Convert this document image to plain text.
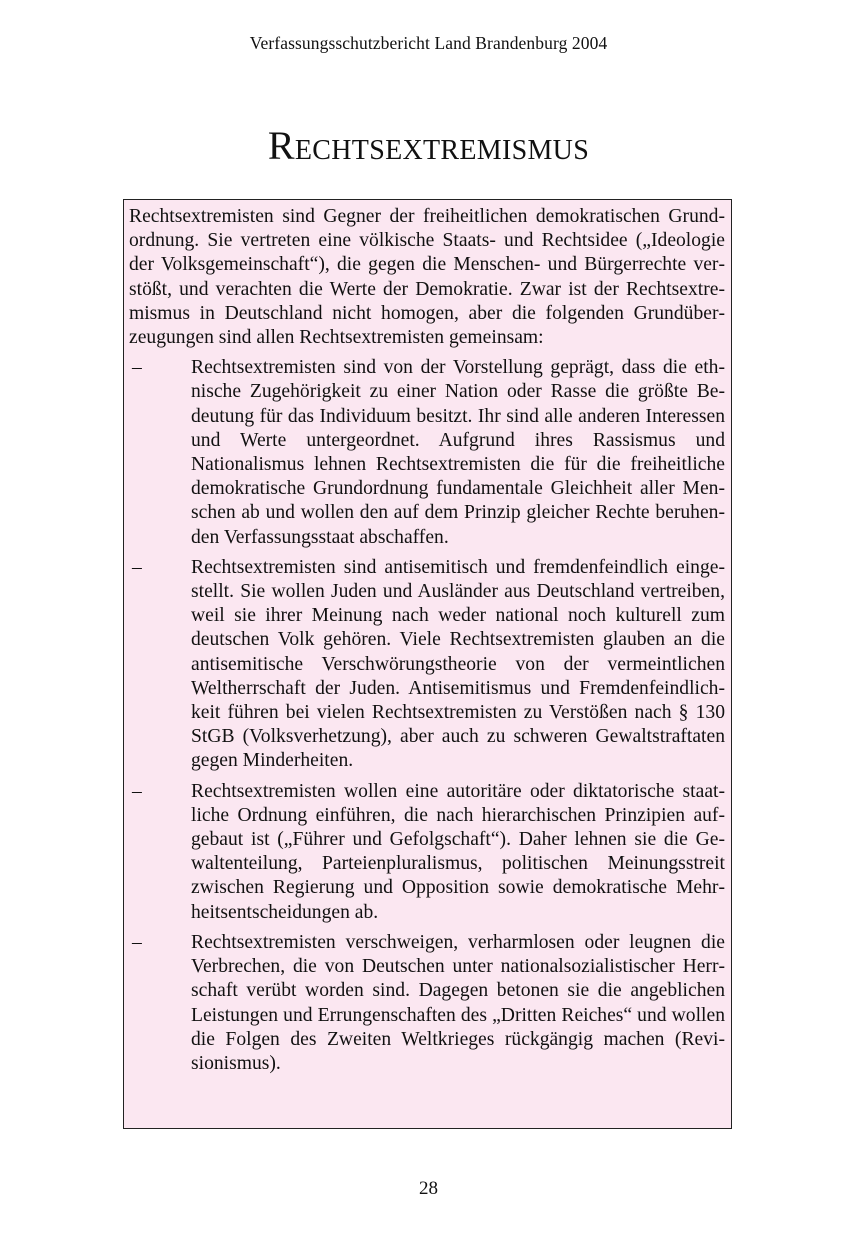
Verfassungsschutzbericht Land Brandenburg 2004
Rechtsextremismus

Rechtsextremisten sind Gegner der freiheitlichen demokratischen Grundordnung. Sie vertreten eine völkische Staats- und Rechtsidee („Ideologie der Volksgemeinschaft“), die gegen die Menschen- und Bürgerrechte verstößt, und verachten die Werte der Demokratie. Zwar ist der Rechtsextremismus in Deutschland nicht homogen, aber die folgenden Grundüberzeugungen sind allen Rechtsextremisten gemeinsam:

–	Rechtsextremisten sind von der Vorstellung geprägt, dass die ethnische Zugehörigkeit zu einer Nation oder Rasse die größte Bedeutung für das Individuum besitzt. Ihr sind alle anderen Interessen und Werte untergeordnet. Aufgrund ihres Rassismus und Nationalismus lehnen Rechtsextremisten die für die freiheitliche demokratische Grundordnung fundamentale Gleichheit aller Menschen ab und wollen den auf dem Prinzip gleicher Rechte beruhenden Verfassungsstaat abschaffen.
–	Rechtsextremisten sind antisemitisch und fremdenfeindlich eingestellt. Sie wollen Juden und Ausländer aus Deutschland vertreiben, weil sie ihrer Meinung nach weder national noch kulturell zum deutschen Volk gehören. Viele Rechtsextremisten glauben an die antisemitische Verschwörungstheorie von der vermeintlichen Weltherrschaft der Juden. Antisemitismus und Fremdenfeindlichkeit führen bei vielen Rechtsextremisten zu Verstößen nach § 130 StGB (Volksverhetzung), aber auch zu schweren Gewaltstraftaten gegen Minderheiten.
–	Rechtsextremisten wollen eine autoritäre oder diktatorische staatliche Ordnung einführen, die nach hierarchischen Prinzipien aufgebaut ist („Führer und Gefolgschaft“). Daher lehnen sie die Gewaltenteilung, Parteienpluralismus, politischen Meinungsstreit zwischen Regierung und Opposition sowie demokratische Mehrheitsentscheidungen ab.
–	Rechtsextremisten verschweigen, verharmlosen oder leugnen die Verbrechen, die von Deutschen unter nationalsozialistischer Herrschaft verübt worden sind. Dagegen betonen sie die angeblichen Leistungen und Errungenschaften des „Dritten Reiches“ und wollen die Folgen des Zweiten Weltkrieges rückgängig machen (Revisionismus).
28
